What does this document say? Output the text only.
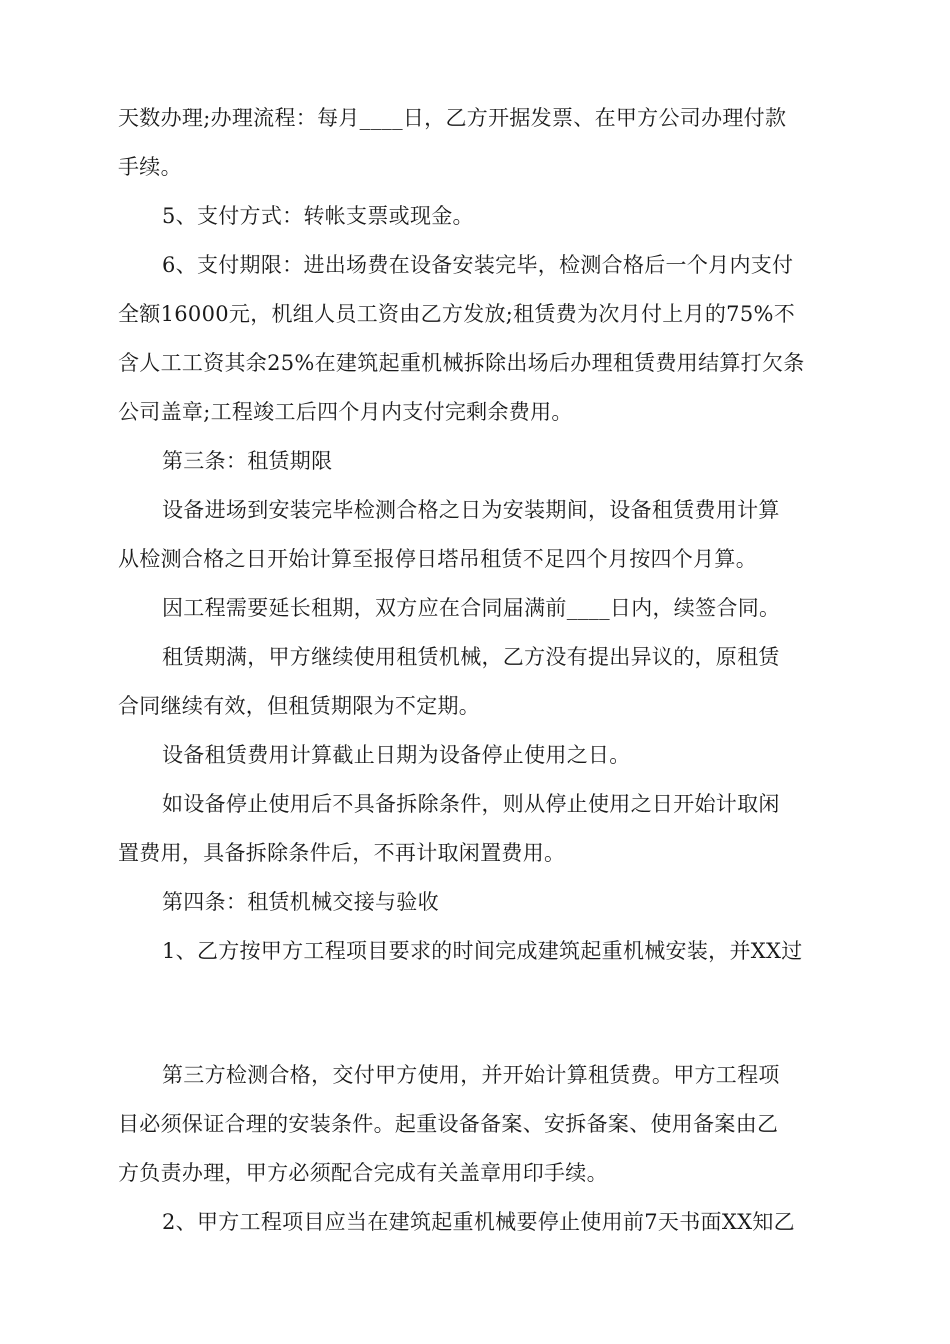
天数办理;办理流程：每月____日，乙方开据发票、在甲方公司办理付款
手续。
5、支付方式：转帐支票或现金。
6、支付期限：进出场费在设备安装完毕，检测合格后一个月内支付
全额16000元，机组人员工资由乙方发放;租赁费为次月付上月的75%不
含人工工资其余25%在建筑起重机械拆除出场后办理租赁费用结算打欠条
公司盖章;工程竣工后四个月内支付完剩余费用。
第三条：租赁期限
设备进场到安装完毕检测合格之日为安装期间，设备租赁费用计算
从检测合格之日开始计算至报停日塔吊租赁不足四个月按四个月算。
因工程需要延长租期，双方应在合同届满前____日内，续签合同。
租赁期满，甲方继续使用租赁机械，乙方没有提出异议的，原租赁
合同继续有效，但租赁期限为不定期。
设备租赁费用计算截止日期为设备停止使用之日。
如设备停止使用后不具备拆除条件，则从停止使用之日开始计取闲
置费用，具备拆除条件后，不再计取闲置费用。
第四条：租赁机械交接与验收
1、乙方按甲方工程项目要求的时间完成建筑起重机械安装，并XX过
第三方检测合格，交付甲方使用，并开始计算租赁费。甲方工程项
目必须保证合理的安装条件。起重设备备案、安拆备案、使用备案由乙
方负责办理，甲方必须配合完成有关盖章用印手续。
2、甲方工程项目应当在建筑起重机械要停止使用前7天书面XX知乙
